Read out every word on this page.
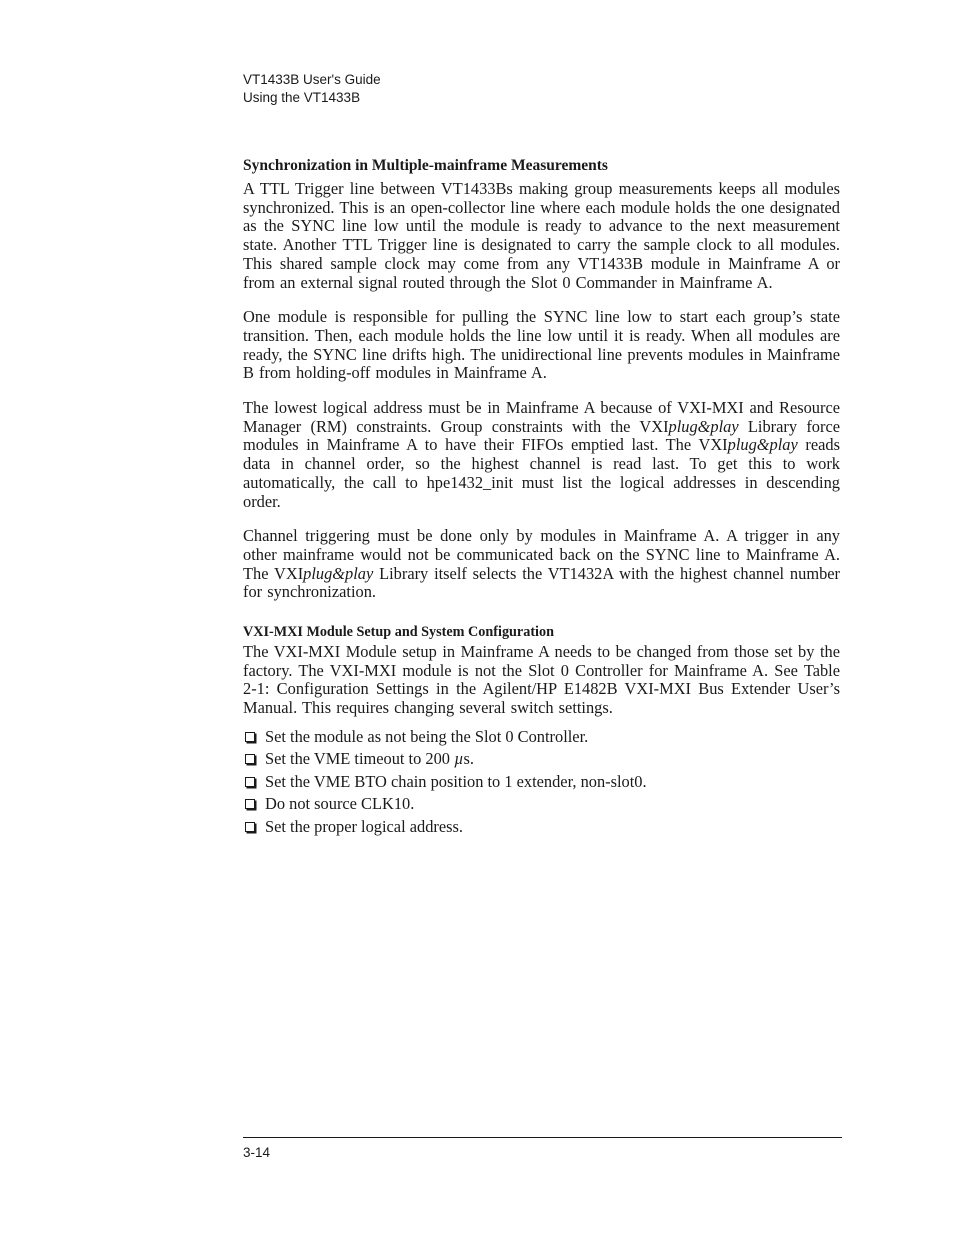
VT1433B User's Guide
Using the VT1433B
Synchronization in Multiple-mainframe Measurements

A TTL Trigger line between VT1433Bs making group measurements keeps all modules synchronized. This is an open-collector line where each module holds the one designated as the SYNC line low until the module is ready to advance to the next measurement state. Another TTL Trigger line is designated to carry the sample clock to all modules. This shared sample clock may come from any VT1433B module in Mainframe A or from an external signal routed through the Slot 0 Commander in Mainframe A.

One module is responsible for pulling the SYNC line low to start each group’s state transition. Then, each module holds the line low until it is ready. When all modules are ready, the SYNC line drifts high. The unidirectional line prevents modules in Mainframe B from holding-off modules in Mainframe A.

The lowest logical address must be in Mainframe A because of VXI-MXI and Resource Manager (RM) constraints. Group constraints with the VXIplug&play Library force modules in Mainframe A to have their FIFOs emptied last. The VXIplug&play reads data in channel order, so the highest channel is read last. To get this to work automatically, the call to hpe1432_init must list the logical addresses in descending order.

Channel triggering must be done only by modules in Mainframe A. A trigger in any other mainframe would not be communicated back on the SYNC line to Mainframe A. The VXIplug&play Library itself selects the VT1432A with the highest channel number for synchronization.

VXI-MXI Module Setup and System Configuration

The VXI-MXI Module setup in Mainframe A needs to be changed from those set by the factory. The VXI-MXI module is not the Slot 0 Controller for Mainframe A. See Table 2-1: Configuration Settings in the Agilent/HP E1482B VXI-MXI Bus Extender User’s Manual. This requires changing several switch settings.

Set the module as not being the Slot 0 Controller.
Set the VME timeout to 200 µs.
Set the VME BTO chain position to 1 extender, non-slot0.
Do not source CLK10.
Set the proper logical address.
3-14
